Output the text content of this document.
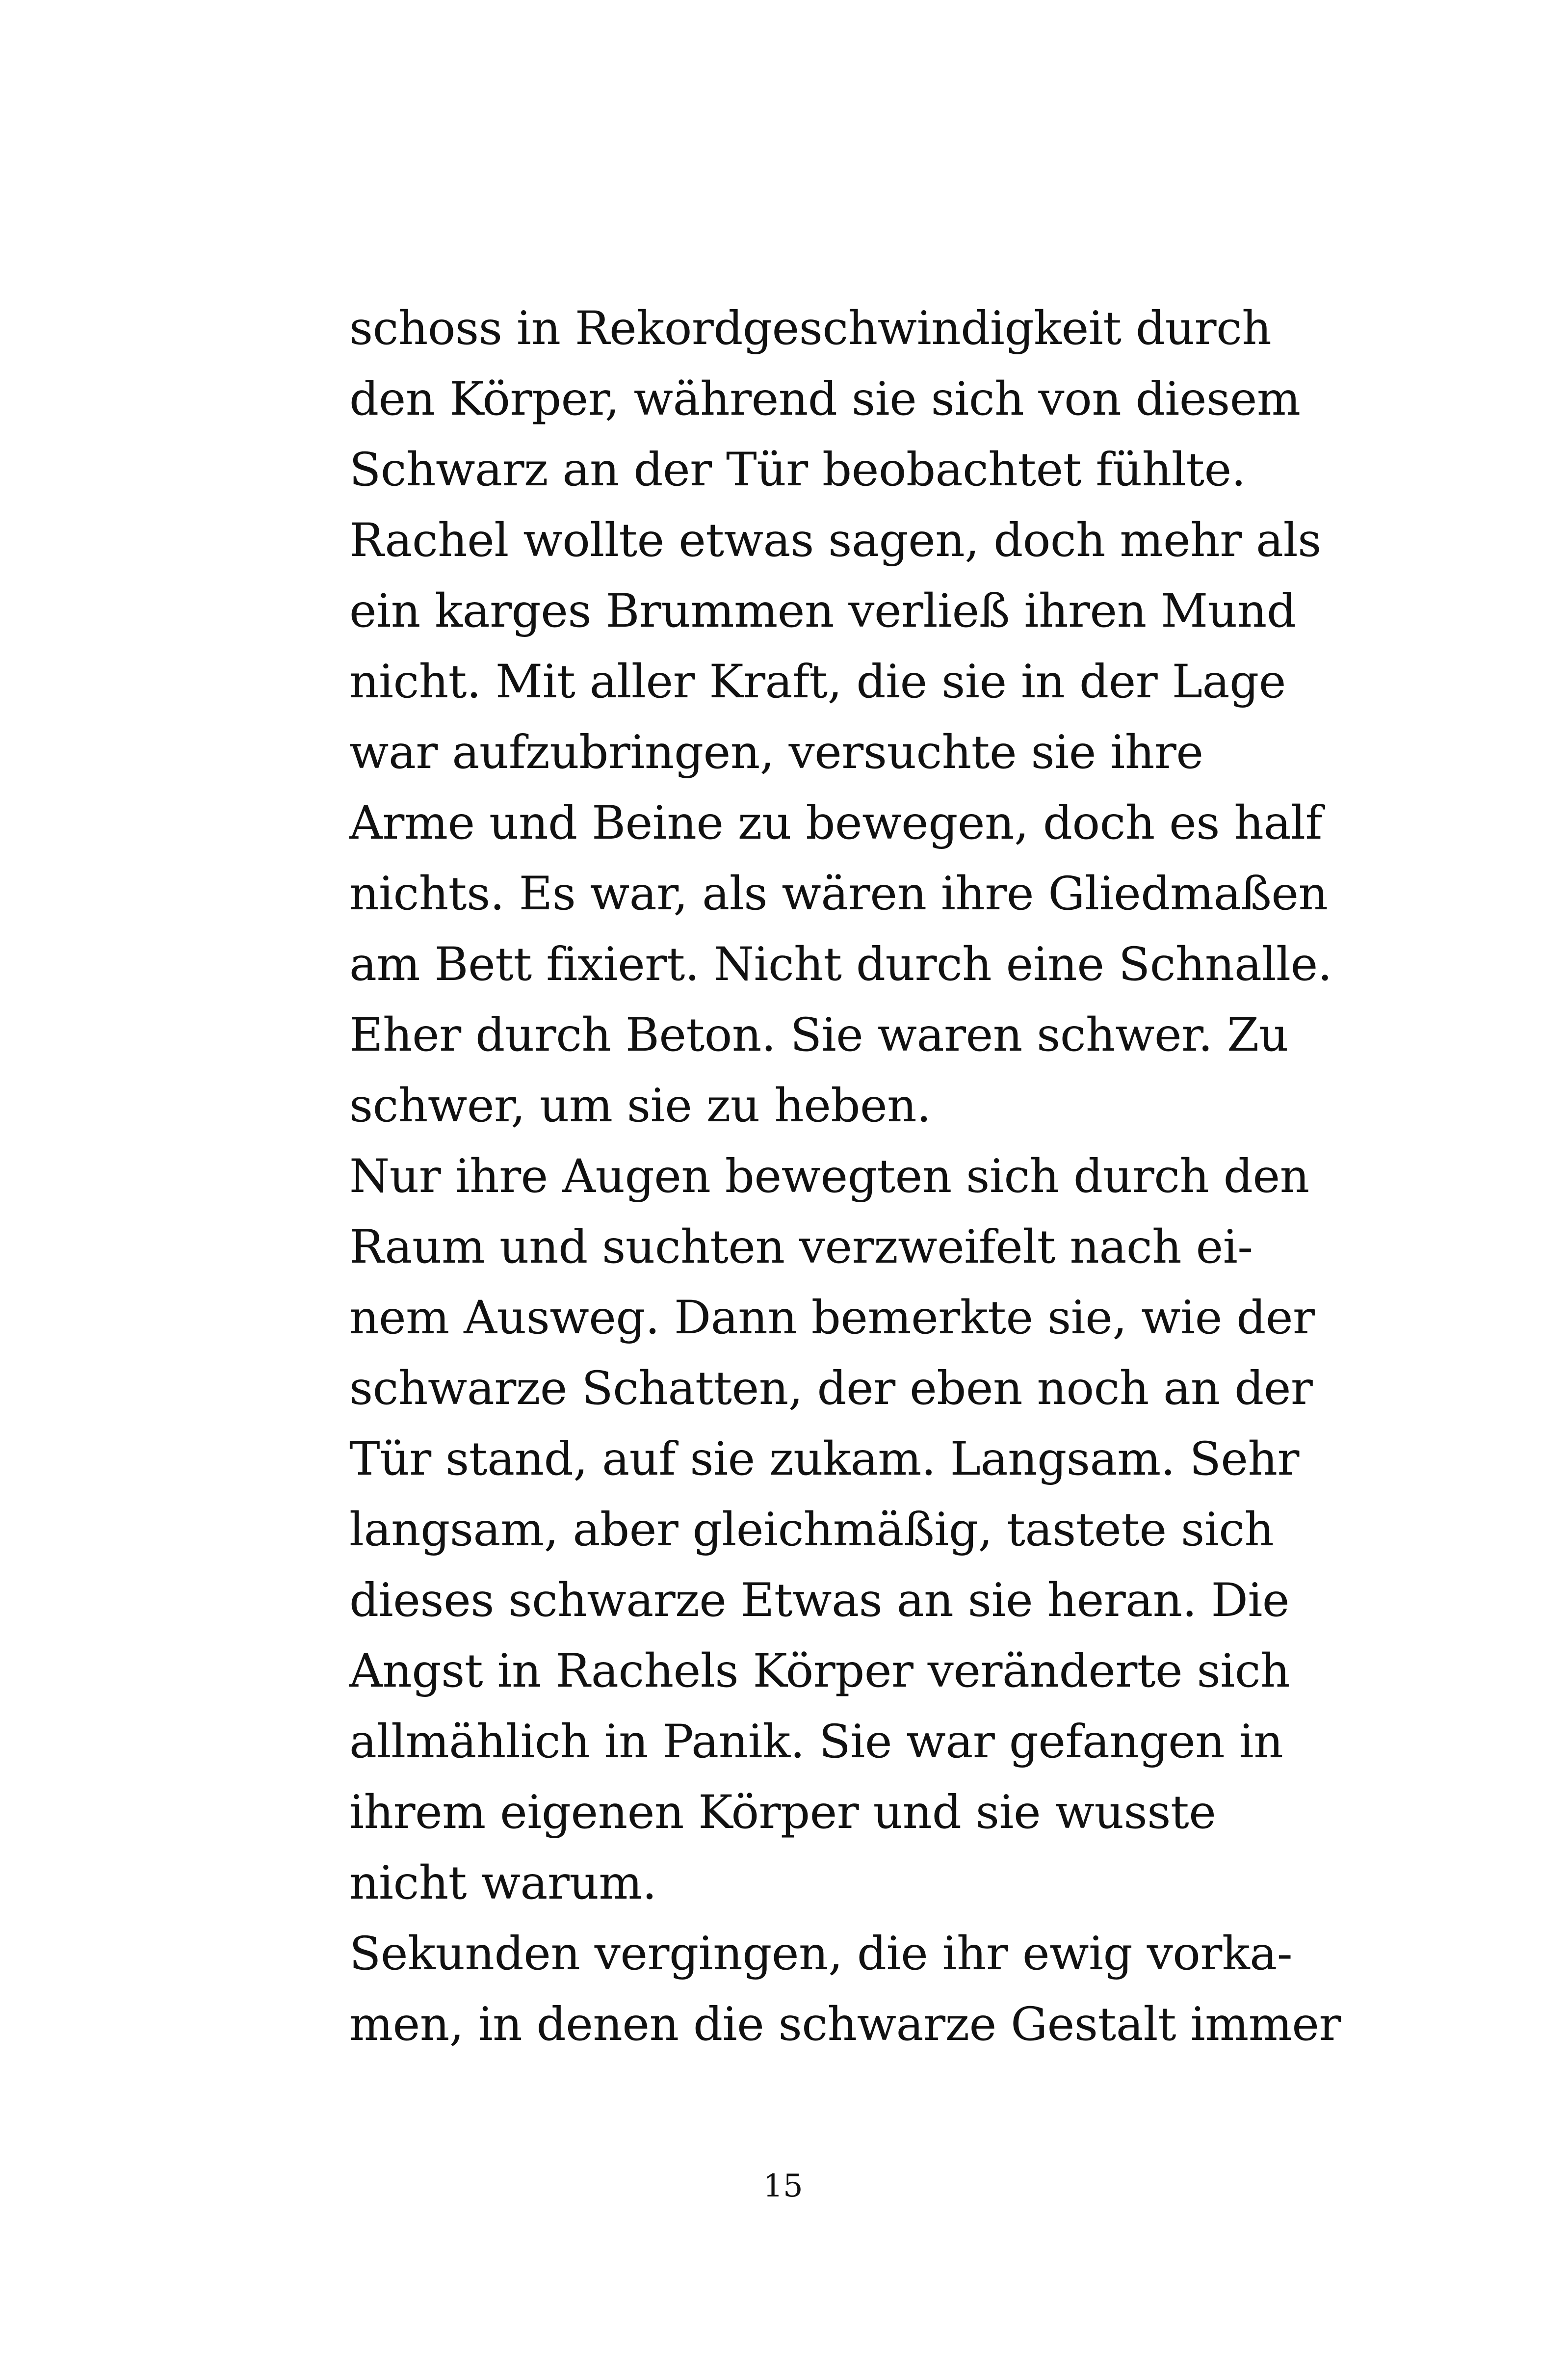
schoss in Rekordgeschwindigkeit durch
den Körper, während sie sich von diesem
Schwarz an der Tür beobachtet fühlte.
Rachel wollte etwas sagen, doch mehr als
ein karges Brummen verließ ihren Mund
nicht. Mit aller Kraft, die sie in der Lage
war aufzubringen, versuchte sie ihre
Arme und Beine zu bewegen, doch es half
nichts. Es war, als wären ihre Gliedmaßen
am Bett fixiert. Nicht durch eine Schnalle.
Eher durch Beton. Sie waren schwer. Zu
schwer, um sie zu heben.
Nur ihre Augen bewegten sich durch den
Raum und suchten verzweifelt nach ei-
nem Ausweg. Dann bemerkte sie, wie der
schwarze Schatten, der eben noch an der
Tür stand, auf sie zukam. Langsam. Sehr
langsam, aber gleichmäßig, tastete sich
dieses schwarze Etwas an sie heran. Die
Angst in Rachels Körper veränderte sich
allmählich in Panik. Sie war gefangen in
ihrem eigenen Körper und sie wusste
nicht warum.
Sekunden vergingen, die ihr ewig vorka-
men, in denen die schwarze Gestalt immer
15
